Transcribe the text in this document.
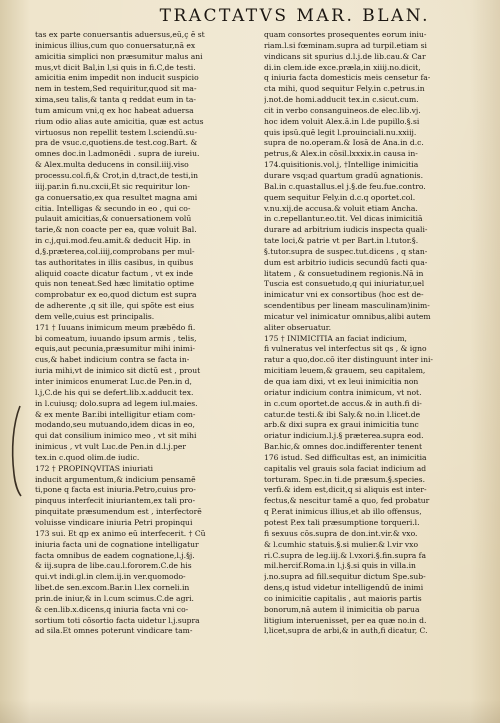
TRACTATVS MAR. BLAN.
tas ex parte conuersantis aduersus,eū,ç ē st
inimicus illius,cum quo conuersatur,nā ex
amicitia simplici non præsumitur malus ani
mus,vt dicit Bal,in l,si quis in fi.C,de testi.
amicitia enim impedit non inducit suspicio
nem in testem,Sed requiritur,quod sit ma-
xima,seu talis,& tanta q reddat eum in ta-
tum amicum vni,q ex hoc habeat aduersa
rium odio alias aute amicitia, quæ est actus
virtuosus non repellit testem l.sciendū.su-
pra de vsuc.c,quotiens.de test.cog.Bart. &
omnes doc.in l.admonēdi . supra de iureiu.
& Alex.multa deducens in consil.iiij.viso
processu.col.fi,& Crot,in d,tract,de testi,in
iiij.par.in fi.nu.cxcii,Et sic requiritur lon-
ga conuersatio,ex qua resultet magna ami
citia. Intelligas & secundo in eo , qui co-
pulauit amicitias,& conuersationem volū
tarie,& non coacte per ea, quæ voluit Bal.
in c.j,qui.mod.feu.amit.& deducit Hip. in
d,§.præterea,col.iiij,comprobans per mul-
tas authoritates in illis casibus, in quibus
aliquid coacte dicatur factum , vt ex inde
quis non teneat.Sed hæc limitatio optime
comprobatur ex eo,quod dictum est supra
de adherente ,q sit ille, qui spõte est eius
dem velle,cuius est principalis.
171 † Iuuans inimicum meum præbēdo fi.
bi comeatum, iuuando ipsum armis , telis,
equis,aut pecunia,præsumitur mihi inimi-
cus,& habet indicium contra se facta in-
iuria mihi,vt de inimico sit dictū est , prout
inter inimicos enumerat Luc.de Pen.in d,
l.j,C.de his qui se defert.lib.x.adducit tex.
in l.cuiusq; dolo.supra ad legem iul.maies.
& ex mente Bar.ibi intelligitur etiam com-
modando,seu mutuando,idem dicas in eo,
qui dat consilium inimico meo , vt sit mihi
inimicus , vt vult Luc.de Pen.in d.l.j.per
tex.in c.quod olim.de iudic.
172 † PROPINQVITAS iniuriati
inducit argumentum,& indicium pensamē
ti,pone q facta est iniuria.Petro,cuius pro-
pinquus interfecit iniuriantem,ex tali pro-
pinquitate præsumendum est , interfectorē
voluisse vindicare iniuria Petri propinqui
173 sui. Et qp ex animo eū interfecerit. † Cũ
iniuria facta uni de cognatione intelligatur
facta omnibus de eadem cognatione,l.j.§j.
& iij.supra de libe.cau.l.fororem.C.de his
qui.vt indi.gl.in clem.ij.in ver.quomodo-
libet.de sen.excom.Bar.in l.lex corneli.in
prin.de iniur,& in l.cum scimus.C.de agri.
& cen.lib.x.dicens,q iniuria facta vni co-
sortium toti cōsortio facta uidetur l.j.supra
ad sila.Et omnes poterunt vindicare tam-
quam consortes prosequentes eorum iniu-
riam.l.si fœminam.supra ad turpil.etiam si
vindicans sit spurius d.l.j.de lib.cau.& Car
di.in clem.ide exce.præla,in xiiij.no.dicit,
q iniuria facta domesticis meis censetur fa-
cta mihi, quod sequitur Fely.in c.petrus.in
j.not.de homi.adducit tex.in c.sicut.cum.
cit in verbo consanguineos.de elec.lib.vj.
hoc idem voluit Alex.ā.in l.de pupillo.§.si
quis ipsū.quē legit l.prouinciali.nu.xxiij.
supra de no.operam.& Iosā de Ana.in d.c.
petrus,& Alex.in cōsil.lxxxix.in causa in-
174.quisitionis.vol.j, †Intellige inimicitia
durare vsq;ad quartum gradū agnationis.
Bal.in c.quastallus.el j.§.de feu.fue.contro.
quem sequitur Fely.in d.c.q oportet.col.
v.nu.xij.de accusa.& voluit etiam Ancha.
in c.repellantur.eo.tit. Vel dicas inimicitiā
durare ad arbitrium iudicis inspecta quali-
tate loci,& patrie vt per Bart.in l.tutor.§.
§.tutor.supra de suspec.tut.dicens , q stan-
dum est arbitrio iudicis secundū facti qua-
litatem , & consuetudinem regionis.Nā in
Tuscia est consuetudo,q qui iniuriatur,uel
inimicatur vni ex consortibus (hoc est de-
scendentibus per lineam masculinam)inim-
micatur vel inimicatur omnibus,alibi autem
aliter obseruatur.
175 † INIMICITIA an faciat indicium,
fi vulneratus vel interfectus sit qs , & igno
ratur a quo,doc.cō iter distinguunt inter ini-
micitiam leuem,& grauem, seu capitalem,
de qua iam dixi, vt ex leui inimicitia non
oriatur indicium contra inimicum, vt not.
in c.cum oportet.de accus.& in auth.fi di-
catur.de testi.& ibi Saly.& no.in l.licet.de
arb.& dixi supra ex graui inimicitia tunc
oriatur indicium.l.j.§ præterea.supra eod.
Bar.hic,& omnes doc.indifferenter tenent
176 istud. Sed difficultas est, an inimicitia
capitalis vel grauis sola faciat indicium ad
torturam. Spec.in ti.de præsum.§.species.
verfi.& idem est,dicit,q si aliquis est inter-
fectus,& nescitur tamē a quo, fed probatur
q P.erat inimicus illius,et ab illo offensus,
potest P.ex tali præsumptione torqueri.l.
fi sexuus cōs.supra de don.int.vir.& vxo.
& l.cumhic statuis.§.si mulier.& l.vir vxo
ri.C.supra de leg.iij.& l.vxori.§.fin.supra fa
mil.hercif.Roma.in l.j.§.si quis in villa.in
j.no.supra ad fill.sequitur dictum Spe.sub-
dens,q istud videtur intelligendū de inimi
co inimicitie capitalis , aut maioris partis
bonorum,nā autem il inimicitia ob parua
litigium interuenisset, per ea quæ no.in d.
l,licet,supra de arbi,& in auth,fi dicatur, C.
